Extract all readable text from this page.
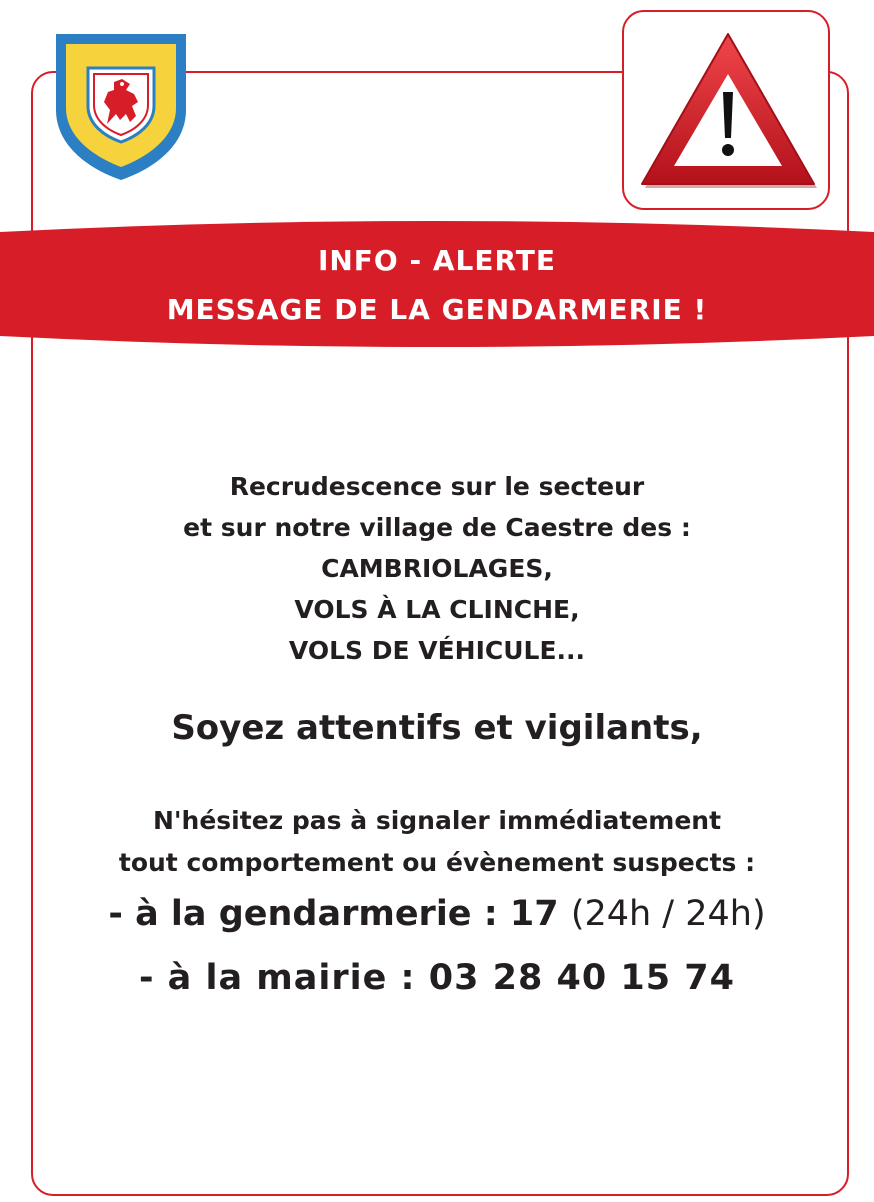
INFO - ALERTE
MESSAGE DE LA GENDARMERIE !
Recrudescence sur le secteur
et sur notre village de Caestre des :
CAMBRIOLAGES,
VOLS À LA CLINCHE,
VOLS DE VÉHICULE...
Soyez attentifs et vigilants,
N'hésitez pas à signaler immédiatement
tout comportement ou évènement suspects :
- à la gendarmerie : 17 (24h / 24h)
- à la mairie : 03 28 40 15 74
